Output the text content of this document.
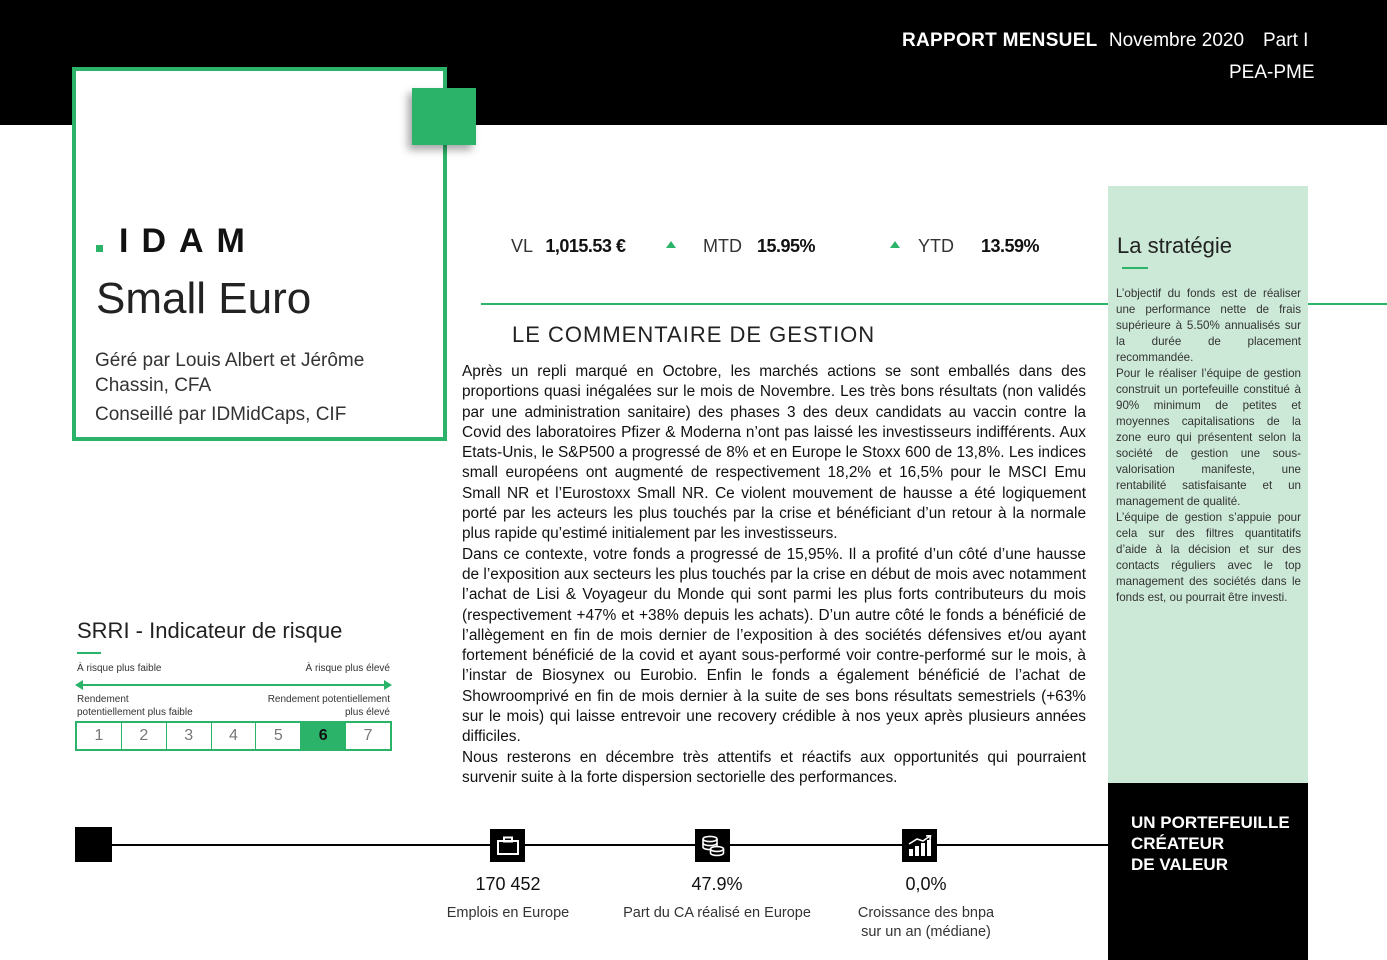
RAPPORT MENSUEL Novembre 2020 Part I
PEA-PME
IDAM
Small Euro
Géré par Louis Albert et Jérôme Chassin, CFA
Conseillé par IDMidCaps, CIF
VL 1,015.53 €	MTD 15.95%	YTD 13.59%
LE COMMENTAIRE DE GESTION

Après un repli marqué en Octobre, les marchés actions se sont emballés dans des proportions quasi inégalées sur le mois de Novembre. Les très bons résultats (non validés par une administration sanitaire) des phases 3 des deux candidats au vaccin contre la Covid des laboratoires Pfizer & Moderna n’ont pas laissé les investisseurs indifférents. Aux Etats-Unis, le S&P500 a progressé de 8% et en Europe le Stoxx 600 de 13,8%. Les indices small européens ont augmenté de respectivement 18,2% et 16,5% pour le MSCI Emu Small NR et l’Eurostoxx Small NR. Ce violent mouvement de hausse a été logiquement porté par les acteurs les plus touchés par la crise et bénéficiant d’un retour à la normale plus rapide qu’estimé initialement par les investisseurs.

Dans ce contexte, votre fonds a progressé de 15,95%. Il a profité d’un côté d’une hausse de l’exposition aux secteurs les plus touchés par la crise en début de mois avec notamment l’achat de Lisi & Voyageur du Monde qui sont parmi les plus forts contributeurs du mois (respectivement +47% et +38% depuis les achats). D’un autre côté le fonds a bénéficié de l’allègement en fin de mois dernier de l’exposition à des sociétés défensives et/ou ayant fortement bénéficié de la covid et ayant sous-performé voir contre-performé sur le mois, à l’instar de Biosynex ou Eurobio. Enfin le fonds a également bénéficié de l’achat de Showroomprivé en fin de mois dernier à la suite de ses bons résultats semestriels (+63% sur le mois) qui laisse entrevoir une recovery crédible à nos yeux après plusieurs années difficiles.

Nous resterons en décembre très attentifs et réactifs aux opportunités qui pourraient survenir suite à la forte dispersion sectorielle des performances.

La stratégie

L’objectif du fonds est de réaliser une performance nette de frais supérieure à 5.50% annualisés sur la durée de placement recommandée.

Pour le réaliser l’équipe de gestion construit un portefeuille constitué à 90% minimum de petites et moyennes capitalisations de la zone euro qui présentent selon la société de gestion une sous-valorisation manifeste, une rentabilité satisfaisante et un management de qualité.

L’équipe de gestion s’appuie pour cela sur des filtres quantitatifs d’aide à la décision et sur des contacts réguliers avec le top management des sociétés dans le fonds est, ou pourrait être investi.

UN PORTEFEUILLE
CRÉATEUR
DE VALEUR
SRRI - Indicateur de risque
À risque plus faible	À risque plus élevé
Rendement
potentiellement plus faible
Rendement potentiellement
plus élevé
1	2	3	4	5	6	7
170 452
Emplois en Europe
47.9%
Part du CA réalisé en Europe
0,0%
Croissance des bnpa
sur un an (médiane)
